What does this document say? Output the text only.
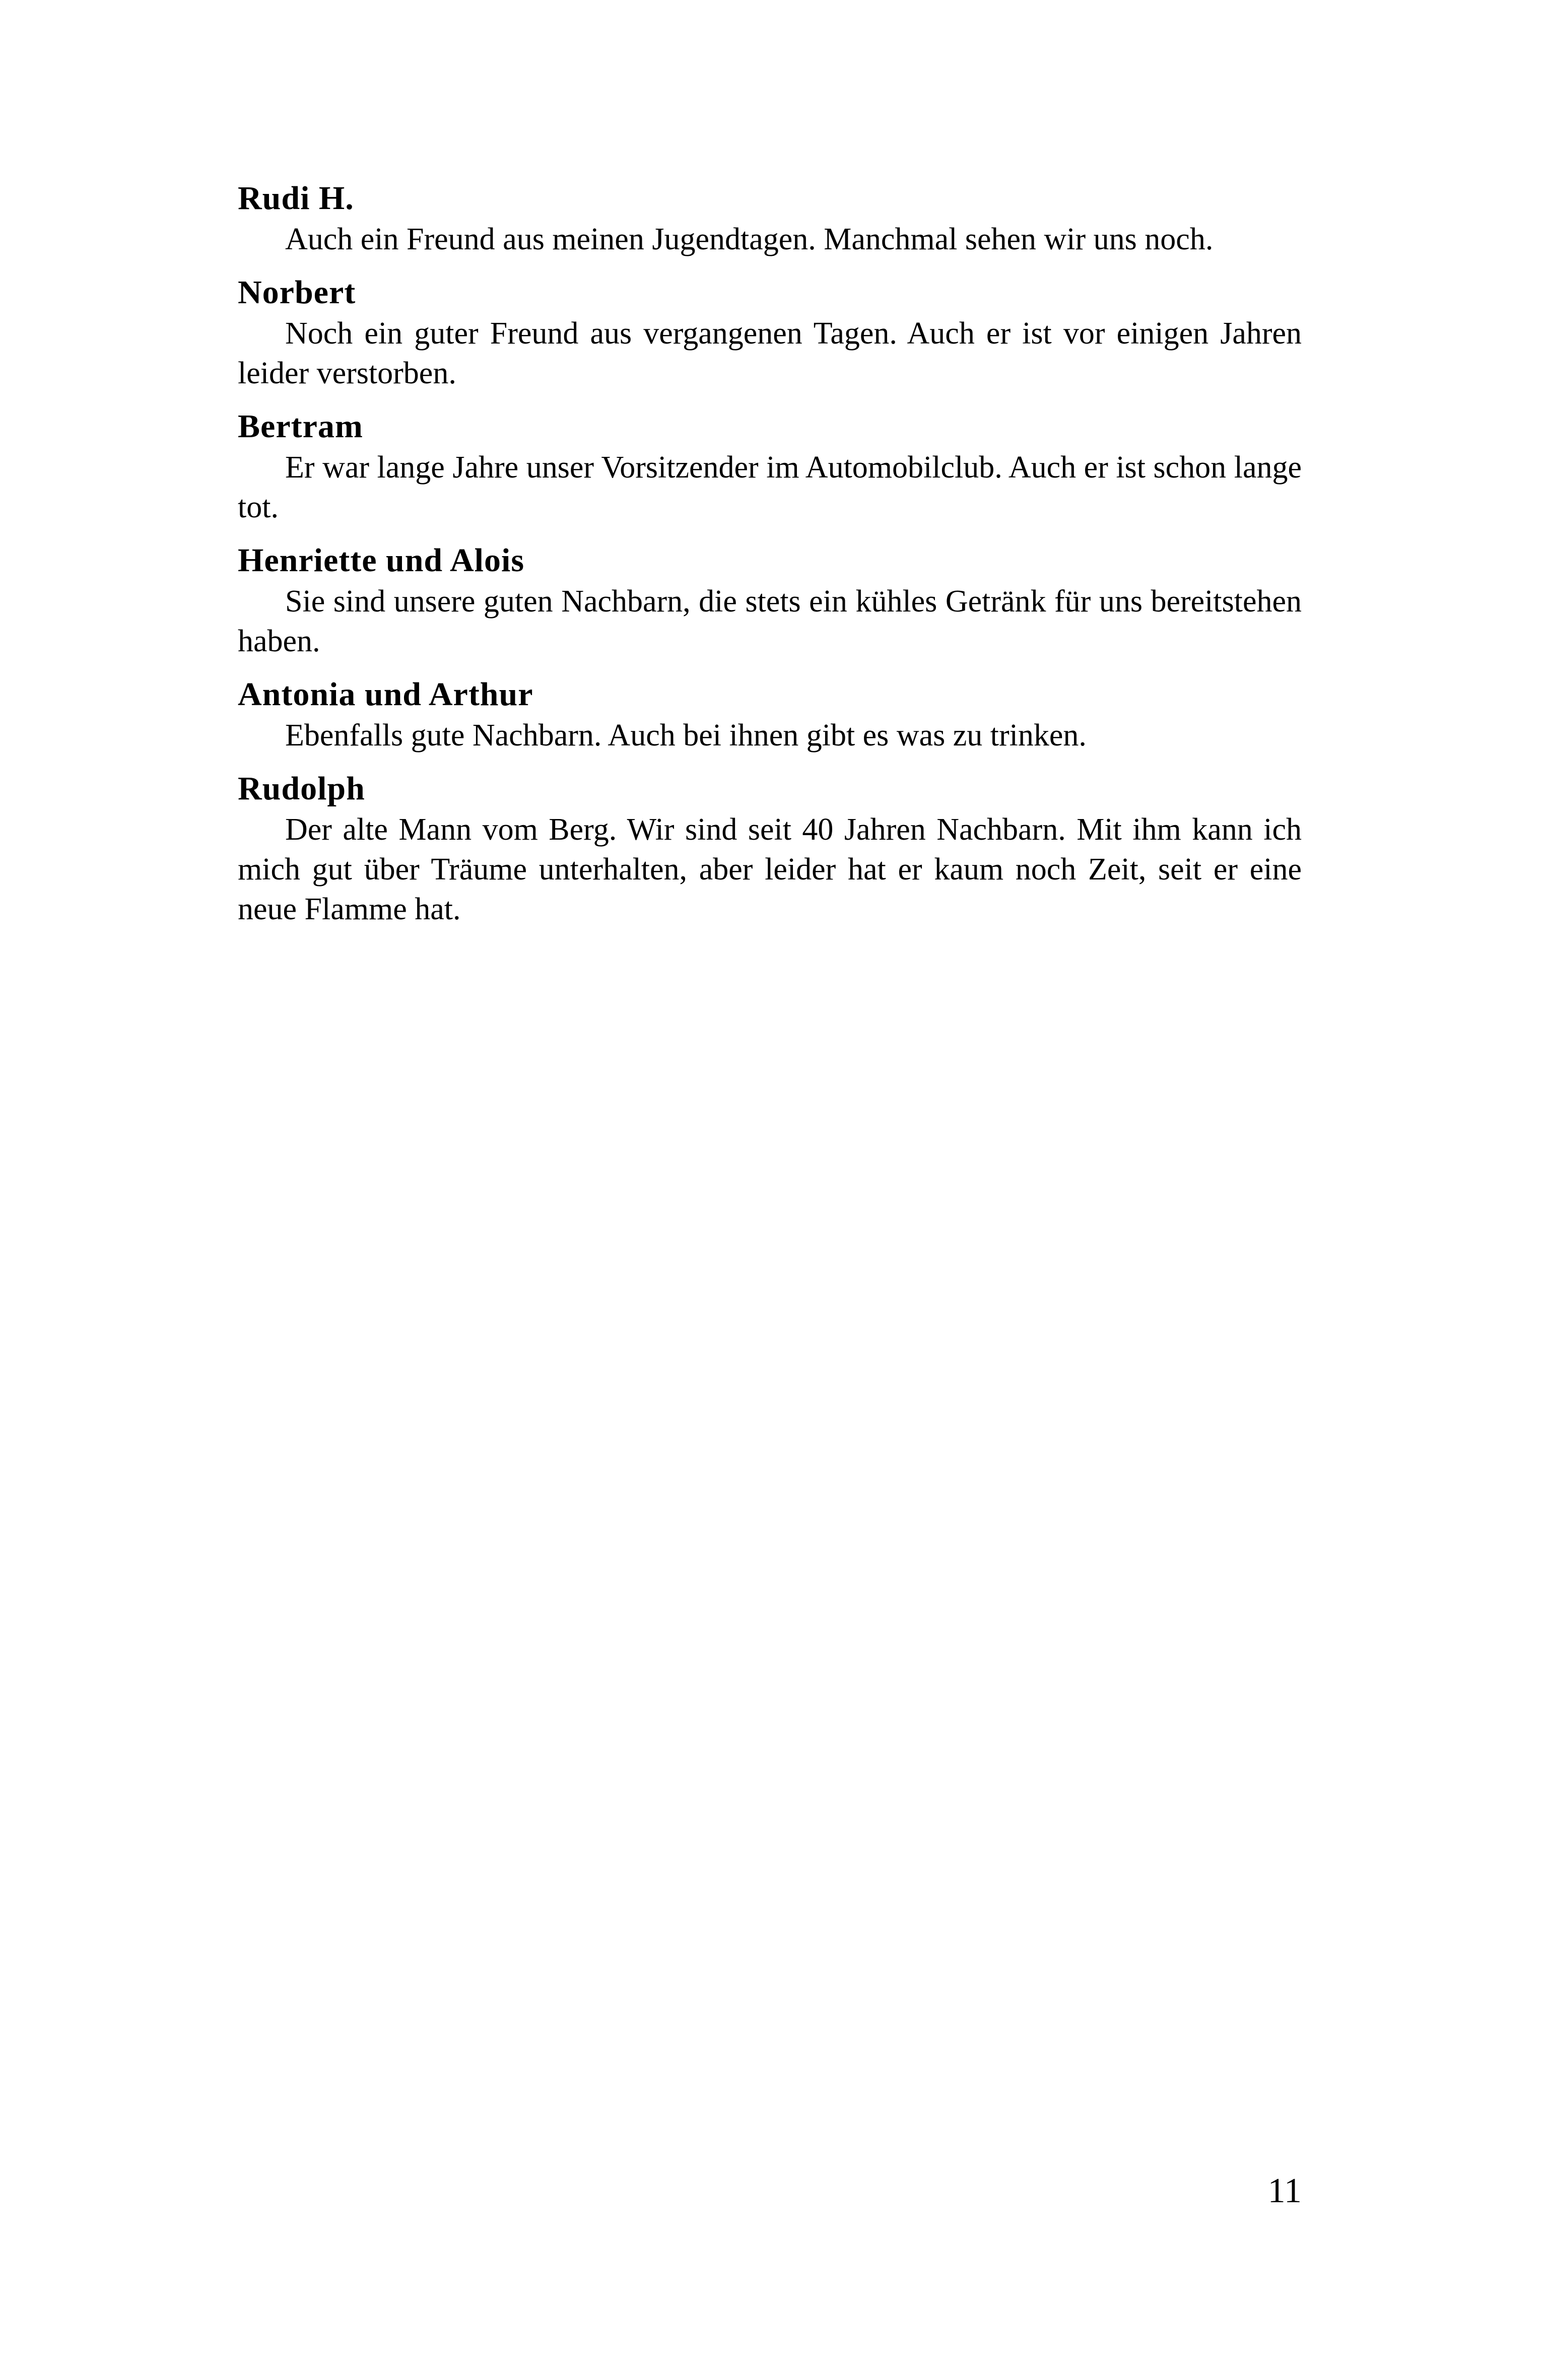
Rudi H.

Auch ein Freund aus meinen Jugendtagen. Manchmal sehen wir uns noch.

Norbert

Noch ein guter Freund aus vergangenen Tagen. Auch er ist vor einigen Jahren leider verstorben.

Bertram

Er war lange Jahre unser Vorsitzender im Automobilclub. Auch er ist schon lange tot.

Henriette und Alois

Sie sind unsere guten Nachbarn, die stets ein kühles Getränk für uns bereitstehen haben.

Antonia und Arthur

Ebenfalls gute Nachbarn. Auch bei ihnen gibt es was zu trinken.

Rudolph

Der alte Mann vom Berg. Wir sind seit 40 Jahren Nachbarn. Mit ihm kann ich mich gut über Träume unterhalten, aber leider hat er kaum noch Zeit, seit er eine neue Flamme hat.

11
